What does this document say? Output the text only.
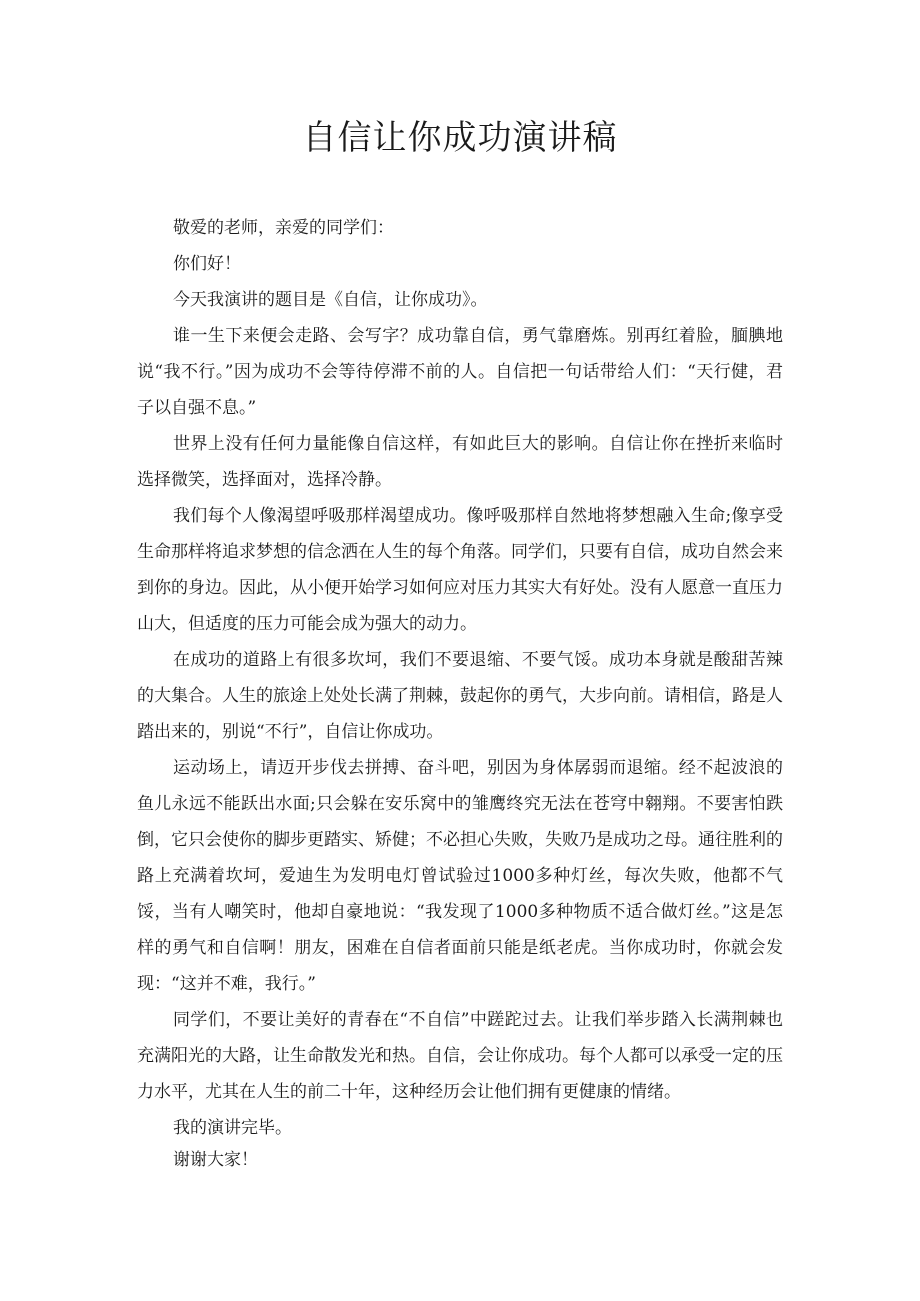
自信让你成功演讲稿

敬爱的老师，亲爱的同学们：

你们好！

今天我演讲的题目是《自信，让你成功》。

谁一生下来便会走路、会写字？成功靠自信，勇气靠磨炼。别再红着脸，腼腆地说“我不行。”因为成功不会等待停滞不前的人。自信把一句话带给人们：“天行健，君子以自强不息。”

世界上没有任何力量能像自信这样，有如此巨大的影响。自信让你在挫折来临时选择微笑，选择面对，选择冷静。

我们每个人像渴望呼吸那样渴望成功。像呼吸那样自然地将梦想融入生命;像享受生命那样将追求梦想的信念洒在人生的每个角落。同学们，只要有自信，成功自然会来到你的身边。因此，从小便开始学习如何应对压力其实大有好处。没有人愿意一直压力山大，但适度的压力可能会成为强大的动力。

在成功的道路上有很多坎坷，我们不要退缩、不要气馁。成功本身就是酸甜苦辣的大集合。人生的旅途上处处长满了荆棘，鼓起你的勇气，大步向前。请相信，路是人踏出来的，别说“不行”，自信让你成功。

运动场上，请迈开步伐去拼搏、奋斗吧，别因为身体孱弱而退缩。经不起波浪的鱼儿永远不能跃出水面;只会躲在安乐窝中的雏鹰终究无法在苍穹中翱翔。不要害怕跌倒，它只会使你的脚步更踏实、矫健；不必担心失败，失败乃是成功之母。通往胜利的路上充满着坎坷，爱迪生为发明电灯曾试验过1000多种灯丝，每次失败，他都不气馁，当有人嘲笑时，他却自豪地说：“我发现了1000多种物质不适合做灯丝。”这是怎样的勇气和自信啊！朋友，困难在自信者面前只能是纸老虎。当你成功时，你就会发现：“这并不难，我行。”

同学们，不要让美好的青春在“不自信”中蹉跎过去。让我们举步踏入长满荆棘也充满阳光的大路，让生命散发光和热。自信，会让你成功。每个人都可以承受一定的压力水平，尤其在人生的前二十年，这种经历会让他们拥有更健康的情绪。

我的演讲完毕。

谢谢大家！
